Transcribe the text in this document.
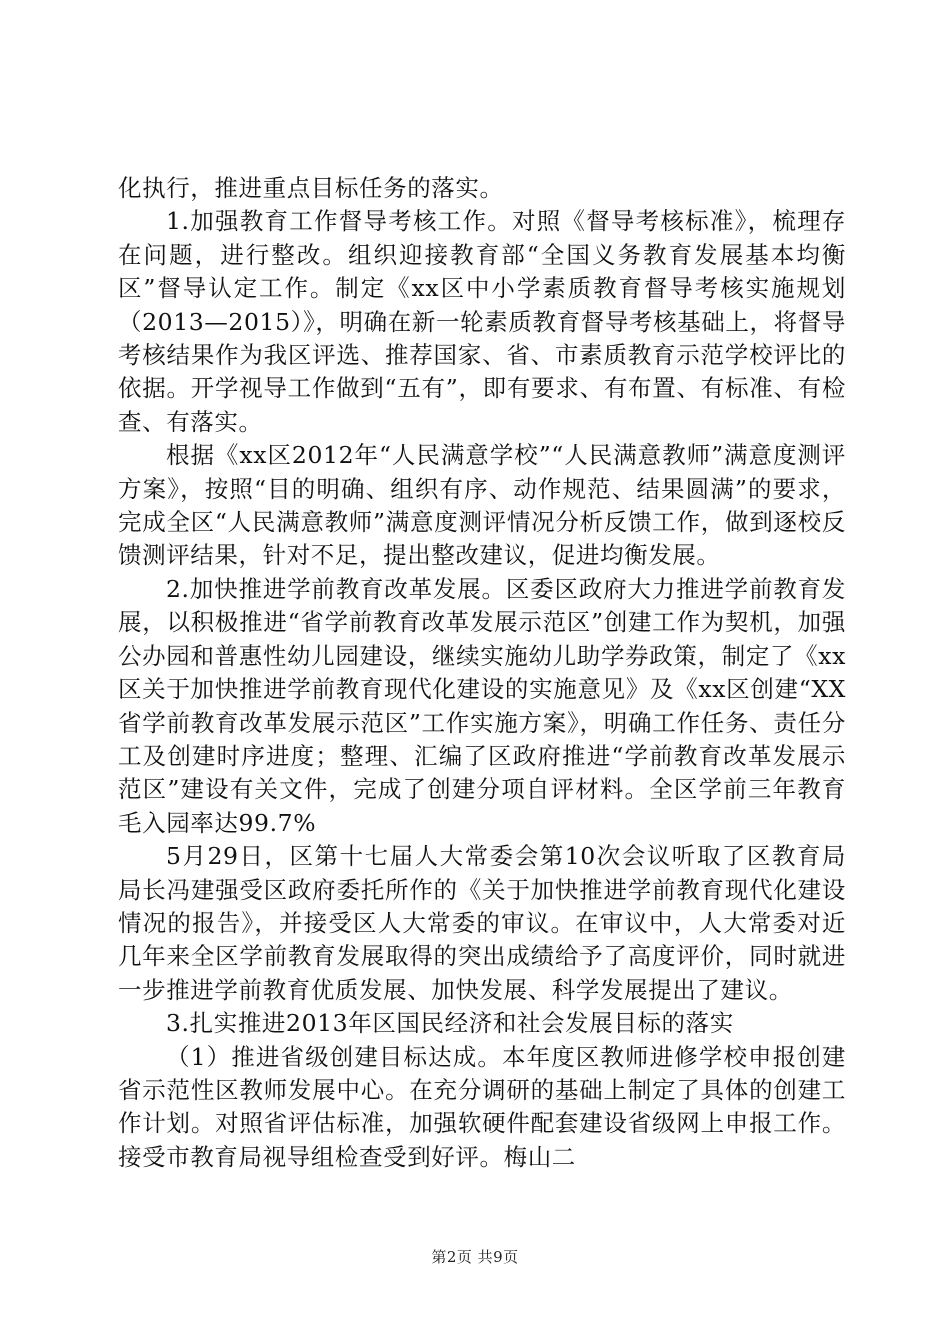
化执行，推进重点目标任务的落实。

1.加强教育工作督导考核工作。对照《督导考核标准》，梳理存在问题，进行整改。组织迎接教育部“全国义务教育发展基本均衡区”督导认定工作。制定《xx区中小学素质教育督导考核实施规划（2013—2015）》，明确在新一轮素质教育督导考核基础上，将督导考核结果作为我区评选、推荐国家、省、市素质教育示范学校评比的依据。开学视导工作做到“五有”，即有要求、有布置、有标准、有检查、有落实。

根据《xx区2012年“人民满意学校”“人民满意教师”满意度测评方案》，按照“目的明确、组织有序、动作规范、结果圆满”的要求，完成全区“人民满意教师”满意度测评情况分析反馈工作，做到逐校反馈测评结果，针对不足，提出整改建议，促进均衡发展。

2.加快推进学前教育改革发展。区委区政府大力推进学前教育发展，以积极推进“省学前教育改革发展示范区”创建工作为契机，加强公办园和普惠性幼儿园建设，继续实施幼儿助学券政策，制定了《xx区关于加快推进学前教育现代化建设的实施意见》及《xx区创建“XX省学前教育改革发展示范区”工作实施方案》，明确工作任务、责任分工及创建时序进度；整理、汇编了区政府推进“学前教育改革发展示范区”建设有关文件，完成了创建分项自评材料。全区学前三年教育毛入园率达99.7%

5月29日，区第十七届人大常委会第10次会议听取了区教育局局长冯建强受区政府委托所作的《关于加快推进学前教育现代化建设情况的报告》，并接受区人大常委的审议。在审议中，人大常委对近几年来全区学前教育发展取得的突出成绩给予了高度评价，同时就进一步推进学前教育优质发展、加快发展、科学发展提出了建议。

3.扎实推进2013年区国民经济和社会发展目标的落实

（1）推进省级创建目标达成。本年度区教师进修学校申报创建省示范性区教师发展中心。在充分调研的基础上制定了具体的创建工作计划。对照省评估标准，加强软硬件配套建设省级网上申报工作。接受市教育局视导组检查受到好评。梅山二

第2页 共9页
